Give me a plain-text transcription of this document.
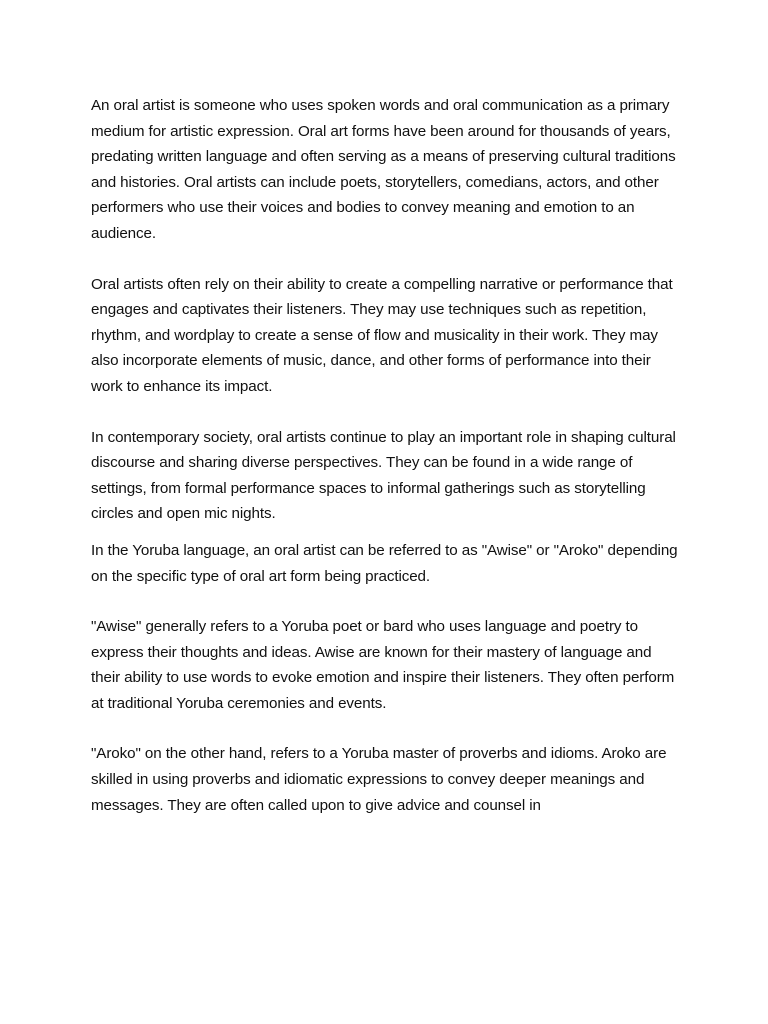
An oral artist is someone who uses spoken words and oral communication as a primary medium for artistic expression. Oral art forms have been around for thousands of years, predating written language and often serving as a means of preserving cultural traditions and histories. Oral artists can include poets, storytellers, comedians, actors, and other performers who use their voices and bodies to convey meaning and emotion to an audience.

Oral artists often rely on their ability to create a compelling narrative or performance that engages and captivates their listeners. They may use techniques such as repetition, rhythm, and wordplay to create a sense of flow and musicality in their work. They may also incorporate elements of music, dance, and other forms of performance into their work to enhance its impact.

In contemporary society, oral artists continue to play an important role in shaping cultural discourse and sharing diverse perspectives. They can be found in a wide range of settings, from formal performance spaces to informal gatherings such as storytelling circles and open mic nights.

In the Yoruba language, an oral artist can be referred to as "Awise" or "Aroko" depending on the specific type of oral art form being practiced.

"Awise" generally refers to a Yoruba poet or bard who uses language and poetry to express their thoughts and ideas. Awise are known for their mastery of language and their ability to use words to evoke emotion and inspire their listeners. They often perform at traditional Yoruba ceremonies and events.

"Aroko" on the other hand, refers to a Yoruba master of proverbs and idioms. Aroko are skilled in using proverbs and idiomatic expressions to convey deeper meanings and messages. They are often called upon to give advice and counsel in
